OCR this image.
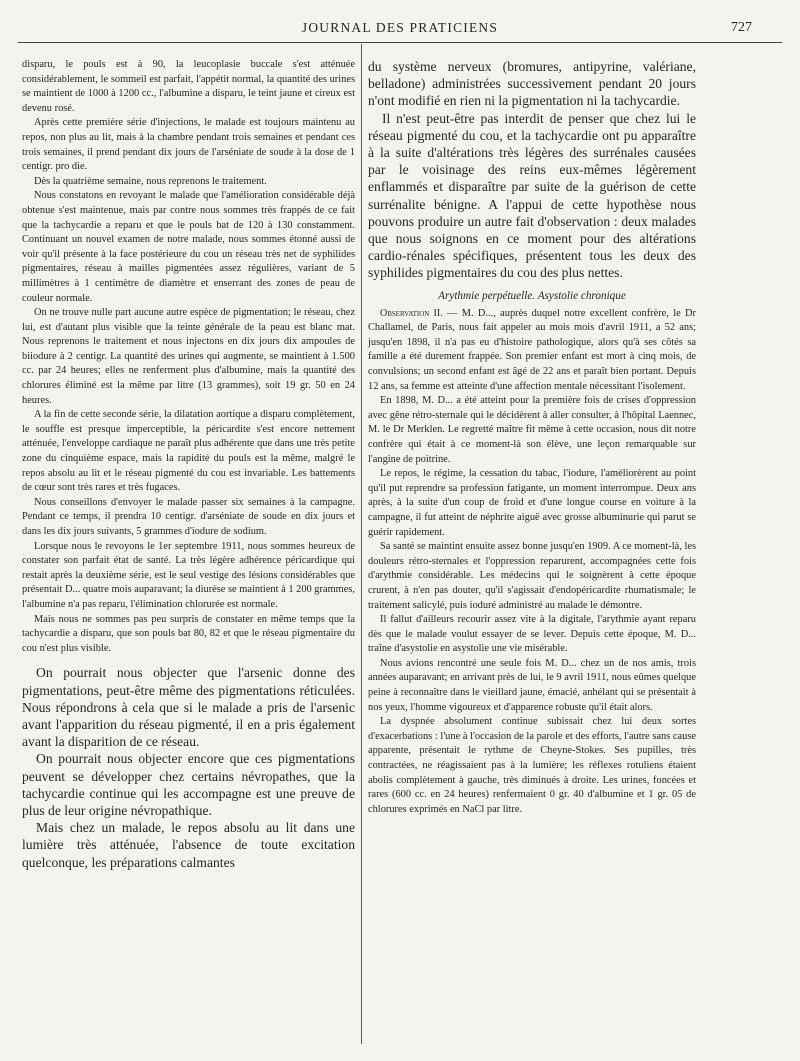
JOURNAL DES PRATICIENS	727

disparu, le pouls est à 90, la leucoplasie buccale s'est atténuée considérablement, le sommeil est parfait, l'appétit normal, la quantité des urines se maintient de 1000 à 1200 cc., l'albumine a disparu, le teint jaune et cireux est devenu rosé.

Après cette première série d'injections, le malade est toujours maintenu au repos, non plus au lit, mais à la chambre pendant trois semaines et pendant ces trois semaines, il prend pendant dix jours de l'arséniate de soude à la dose de 1 centigr. pro die.

Dès la quatrième semaine, nous reprenons le traitement.

Nous constatons en revoyant le malade que l'amélioration considérable déjà obtenue s'est maintenue, mais par contre nous sommes très frappés de ce fait que la tachycardie a reparu et que le pouls bat de 120 à 130 constamment. Continuant un nouvel examen de notre malade, nous sommes étonné aussi de voir qu'il présente à la face postérieure du cou un réseau très net de syphilides pigmentaires, réseau à mailles pigmentées assez régulières, variant de 5 millimètres à 1 centimètre de diamètre et enserrant des zones de peau de couleur normale.

On ne trouve nulle part aucune autre espèce de pigmentation; le réseau, chez lui, est d'autant plus visible que la teinte générale de la peau est blanc mat. Nous reprenons le traitement et nous injectons en dix jours dix ampoules de biiodure à 2 centigr. La quantité des urines qui augmente, se maintient à 1.500 cc. par 24 heures; elles ne renferment plus d'albumine, mais la quantité des chlorures éliminé est la même par litre (13 grammes), soit 19 gr. 50 en 24 heures.

A la fin de cette seconde série, la dilatation aortique a disparu complètement, le souffle est presque imperceptible, la péricardite s'est encore nettement atténuée, l'enveloppe cardiaque ne paraît plus adhérente que dans une très petite zone du cinquième espace, mais la rapidité du pouls est la même, malgré le repos absolu au lit et le réseau pigmenté du cou est invariable. Les battements de cœur sont très rares et très fugaces.

Nous conseillons d'envoyer le malade passer six semaines à la campagne. Pendant ce temps, il prendra 10 centigr. d'arséniate de soude en dix jours et dans les dix jours suivants, 5 grammes d'iodure de sodium.

Lorsque nous le revoyons le 1er septembre 1911, nous sommes heureux de constater son parfait état de santé. La très légère adhérence péricardique qui restait après la deuxième série, est le seul vestige des lésions considérables que présentait D... quatre mois auparavant; la diurèse se maintient à 1 200 grammes, l'albumine n'a pas reparu, l'élimination chlorurée est normale.

Mais nous ne sommes pas peu surpris de constater en même temps que la tachycardie a disparu, que son pouls bat 80, 82 et que le réseau pigmentaire du cou n'est plus visible.

On pourrait nous objecter que l'arsenic donne des pigmentations, peut-être même des pigmentations réticulées. Nous répondrons à cela que si le malade a pris de l'arsenic avant l'apparition du réseau pigmenté, il en a pris également avant la disparition de ce réseau.

On pourrait nous objecter encore que ces pigmentations peuvent se développer chez certains névropathes, que la tachycardie continue qui les accompagne est une preuve de plus de leur origine névropathique.

Mais chez un malade, le repos absolu au lit dans une lumière très atténuée, l'absence de toute excitation quelconque, les préparations calmantes

du système nerveux (bromures, antipyrine, valériane, belladone) administrées successivement pendant 20 jours n'ont modifié en rien ni la pigmentation ni la tachycardie.

Il n'est peut-être pas interdit de penser que chez lui le réseau pigmenté du cou, et la tachycardie ont pu apparaître à la suite d'altérations très légères des surrénales causées par le voisinage des reins eux-mêmes légèrement enflammés et disparaître par suite de la guérison de cette surrénalite bénigne. A l'appui de cette hypothèse nous pouvons produire un autre fait d'observation : deux malades que nous soignons en ce moment pour des altérations cardio-rénales spécifiques, présentent tous les deux des syphilides pigmentaires du cou des plus nettes.

Arythmie perpétuelle. Asystolie chronique

Observation II. — M. D..., auprès duquel notre excellent confrère, le Dr Challamel, de Paris, nous fait appeler au mois mois d'avril 1911, a 52 ans; jusqu'en 1898, il n'a pas eu d'histoire pathologique, alors qu'à ses côtés sa famille a été durement frappée. Son premier enfant est mort à cinq mois, de convulsions; un second enfant est âgé de 22 ans et paraît bien portant. Depuis 12 ans, sa femme est atteinte d'une affection mentale nécessitant l'isolement.

En 1898, M. D... a été atteint pour la première fois de crises d'oppression avec gêne rétro-sternale qui le décidèrent à aller consulter, à l'hôpital Laennec, M. le Dr Merklen. Le regretté maître fit même à cette occasion, nous dit notre confrère qui était à ce moment-là son élève, une leçon remarquable sur l'angine de poitrine.

Le repos, le régime, la cessation du tabac, l'iodure, l'améliorèrent au point qu'il put reprendre sa profession fatigante, un moment interrompue. Deux ans après, à la suite d'un coup de froid et d'une longue course en voiture à la campagne, il fut atteint de néphrite aiguë avec grosse albuminurie qui parut se guérir rapidement.

Sa santé se maintint ensuite assez bonne jusqu'en 1909. A ce moment-là, les douleurs rétro-sternales et l'oppression reparurent, accompagnées cette fois d'arythmie considérable. Les médecins qui le soignèrent à cette époque crurent, à n'en pas douter, qu'il s'agissait d'endopéricardite rhumatismale; le traitement salicylé, puis ioduré administré au malade le démontre.

Il fallut d'ailleurs recourir assez vite à la digitale, l'arythmie ayant reparu dès que le malade voulut essayer de se lever. Depuis cette époque, M. D... traîne d'asystolie en asystolie une vie misérable.

Nous avions rencontré une seule fois M. D... chez un de nos amis, trois années auparavant; en arrivant près de lui, le 9 avril 1911, nous eûmes quelque peine à reconnaître dans le vieillard jaune, émacié, anhélant qui se présentait à nos yeux, l'homme vigoureux et d'apparence robuste qu'il était alors.

La dyspnée absolument continue subissait chez lui deux sortes d'exacerbations : l'une à l'occasion de la parole et des efforts, l'autre sans cause apparente, présentait le rythme de Cheyne-Stokes. Ses pupilles, très contractées, ne réagissaient pas à la lumière; les réflexes rotuliens étaient abolis complètement à gauche, très diminués à droite. Les urines, foncées et rares (600 cc. en 24 heures) renfermaient 0 gr. 40 d'albumine et 1 gr. 05 de chlorures exprimés en NaCl par litre.
